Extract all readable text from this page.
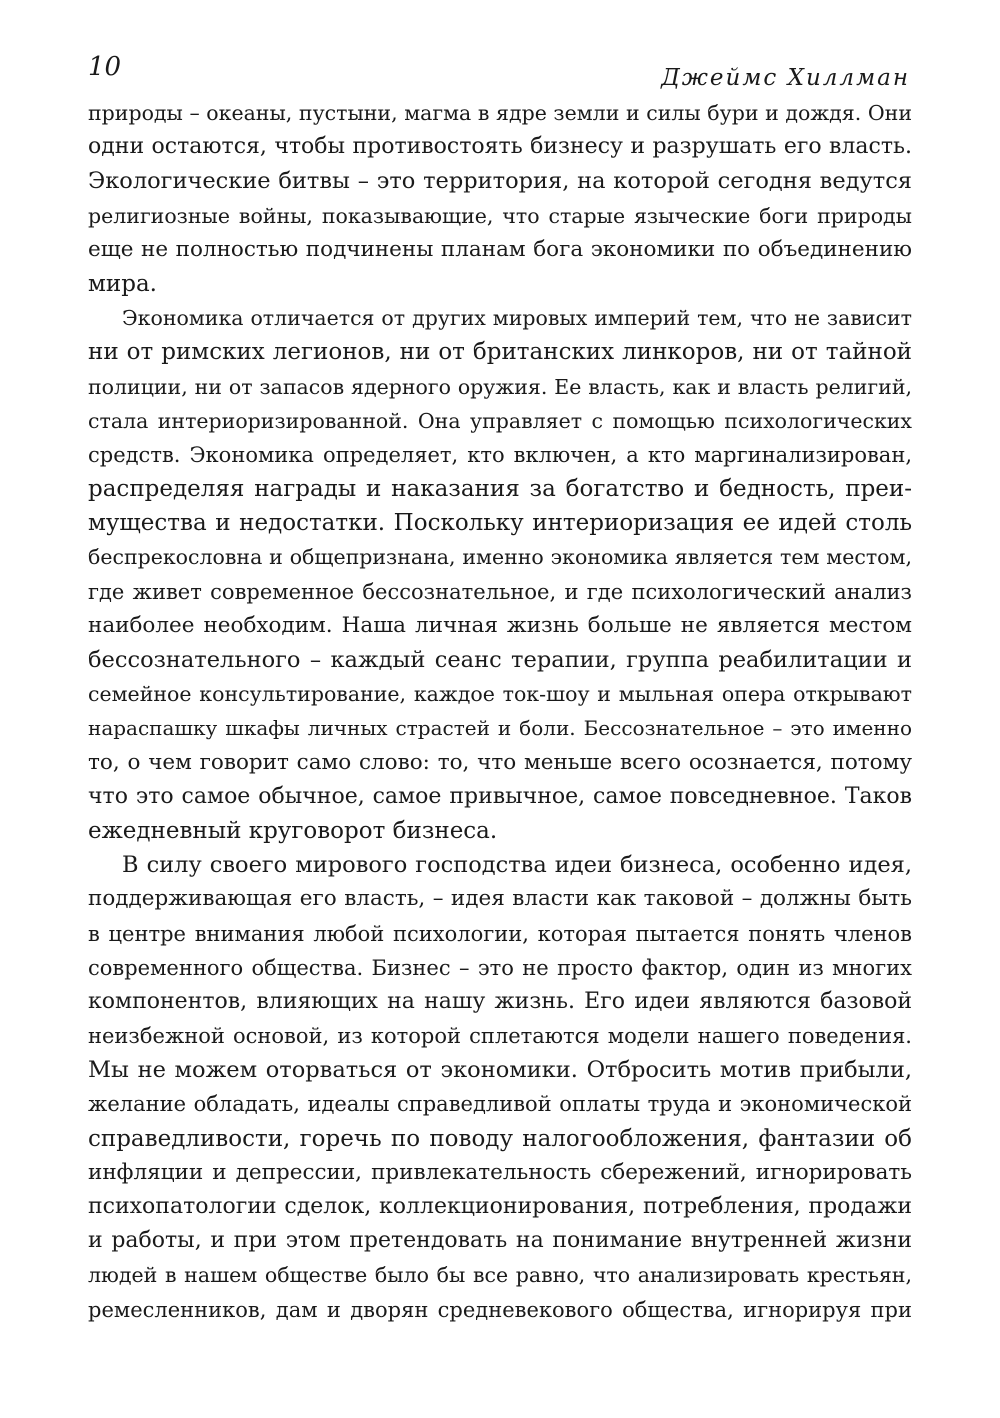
10	Джеймс Хиллман
природы – океаны, пустыни, магма в ядре земли и силы бури и дождя. Они
одни остаются, чтобы противостоять бизнесу и разрушать его власть.
Экологические битвы – это территория, на которой сегодня ведутся
религиозные войны, показывающие, что старые языческие боги природы
еще не полностью подчинены планам бога экономики по объединению
мира.
Экономика отличается от других мировых империй тем, что не зависит
ни от римских легионов, ни от британских линкоров, ни от тайной
полиции, ни от запасов ядерного оружия. Ее власть, как и власть религий,
стала интериоризированной. Она управляет с помощью психологических
средств. Экономика определяет, кто включен, а кто маргинализирован,
распределяя награды и наказания за богатство и бедность, преи-
мущества и недостатки. Поскольку интериоризация ее идей столь
беспрекословна и общепризнана, именно экономика является тем местом,
где живет современное бессознательное, и где психологический анализ
наиболее необходим. Наша личная жизнь больше не является местом
бессознательного – каждый сеанс терапии, группа реабилитации и
семейное консультирование, каждое ток-шоу и мыльная опера открывают
нараспашку шкафы личных страстей и боли. Бессознательное – это именно
то, о чем говорит само слово: то, что меньше всего осознается, потому
что это самое обычное, самое привычное, самое повседневное. Таков
ежедневный круговорот бизнеса.
В силу своего мирового господства идеи бизнеса, особенно идея,
поддерживающая его власть, – идея власти как таковой – должны быть
в центре внимания любой психологии, которая пытается понять членов
современного общества. Бизнес – это не просто фактор, один из многих
компонентов, влияющих на нашу жизнь. Его идеи являются базовой
неизбежной основой, из которой сплетаются модели нашего поведения.
Мы не можем оторваться от экономики. Отбросить мотив прибыли,
желание обладать, идеалы справедливой оплаты труда и экономической
справедливости, горечь по поводу налогообложения, фантазии об
инфляции и депрессии, привлекательность сбережений, игнорировать
психопатологии сделок, коллекционирования, потребления, продажи
и работы, и при этом претендовать на понимание внутренней жизни
людей в нашем обществе было бы все равно, что анализировать крестьян,
ремесленников, дам и дворян средневекового общества, игнорируя при
